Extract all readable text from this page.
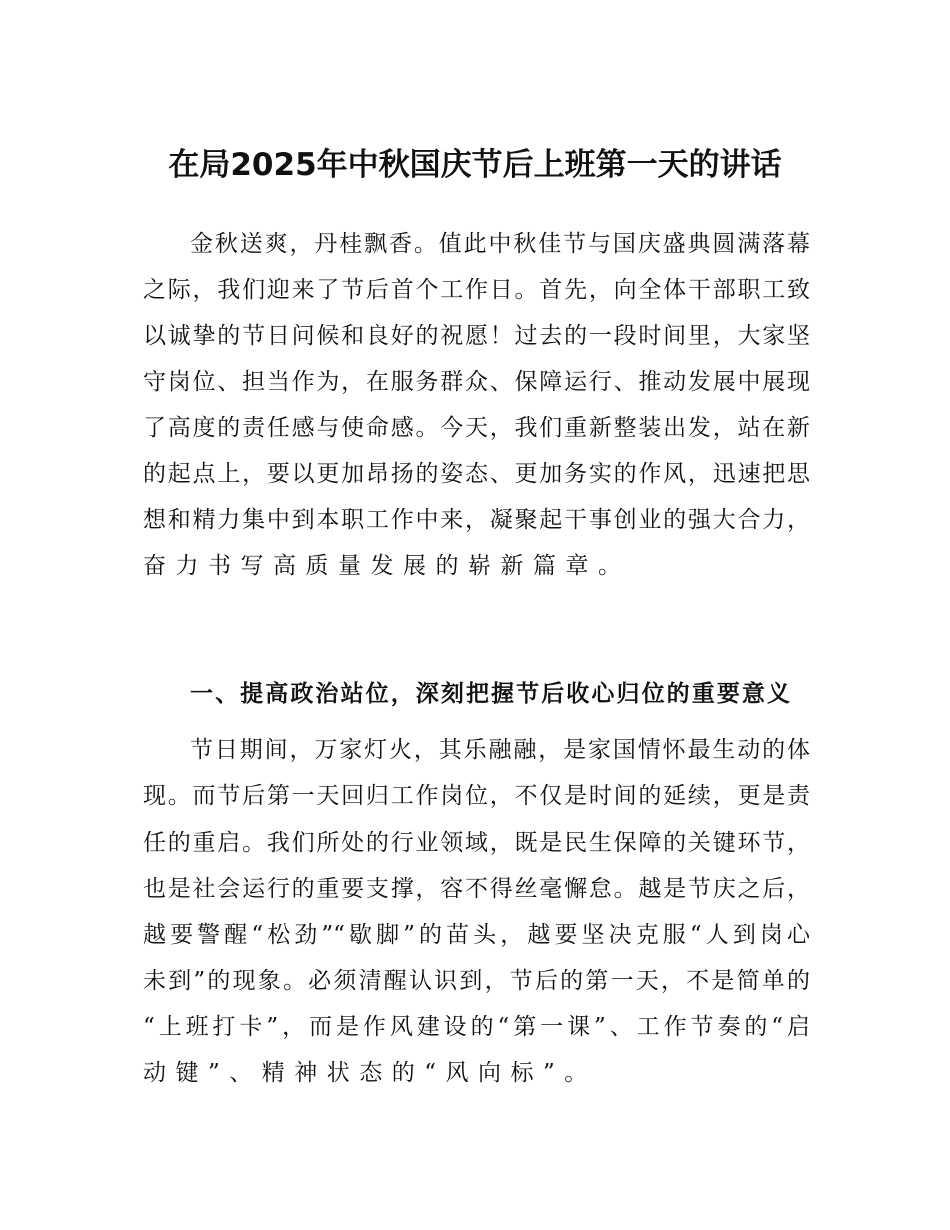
在局2025年中秋国庆节后上班第一天的讲话
金秋送爽，丹桂飘香。值此中秋佳节与国庆盛典圆满落幕
之际，我们迎来了节后首个工作日。首先，向全体干部职工致
以诚挚的节日问候和良好的祝愿！过去的一段时间里，大家坚
守岗位、担当作为，在服务群众、保障运行、推动发展中展现
了高度的责任感与使命感。今天，我们重新整装出发，站在新
的起点上，要以更加昂扬的姿态、更加务实的作风，迅速把思
想和精力集中到本职工作中来，凝聚起干事创业的强大合力，
奋力书写高质量发展的崭新篇章。
一、提高政治站位，深刻把握节后收心归位的重要意义
节日期间，万家灯火，其乐融融，是家国情怀最生动的体
现。而节后第一天回归工作岗位，不仅是时间的延续，更是责
任的重启。我们所处的行业领域，既是民生保障的关键环节，
也是社会运行的重要支撑，容不得丝毫懈怠。越是节庆之后，
越要警醒“松劲”“歇脚”的苗头，越要坚决克服“人到岗心
未到”的现象。必须清醒认识到，节后的第一天，不是简单的
“上班打卡”，而是作风建设的“第一课”、工作节奏的“启
动键”、精神状态的“风向标”。
